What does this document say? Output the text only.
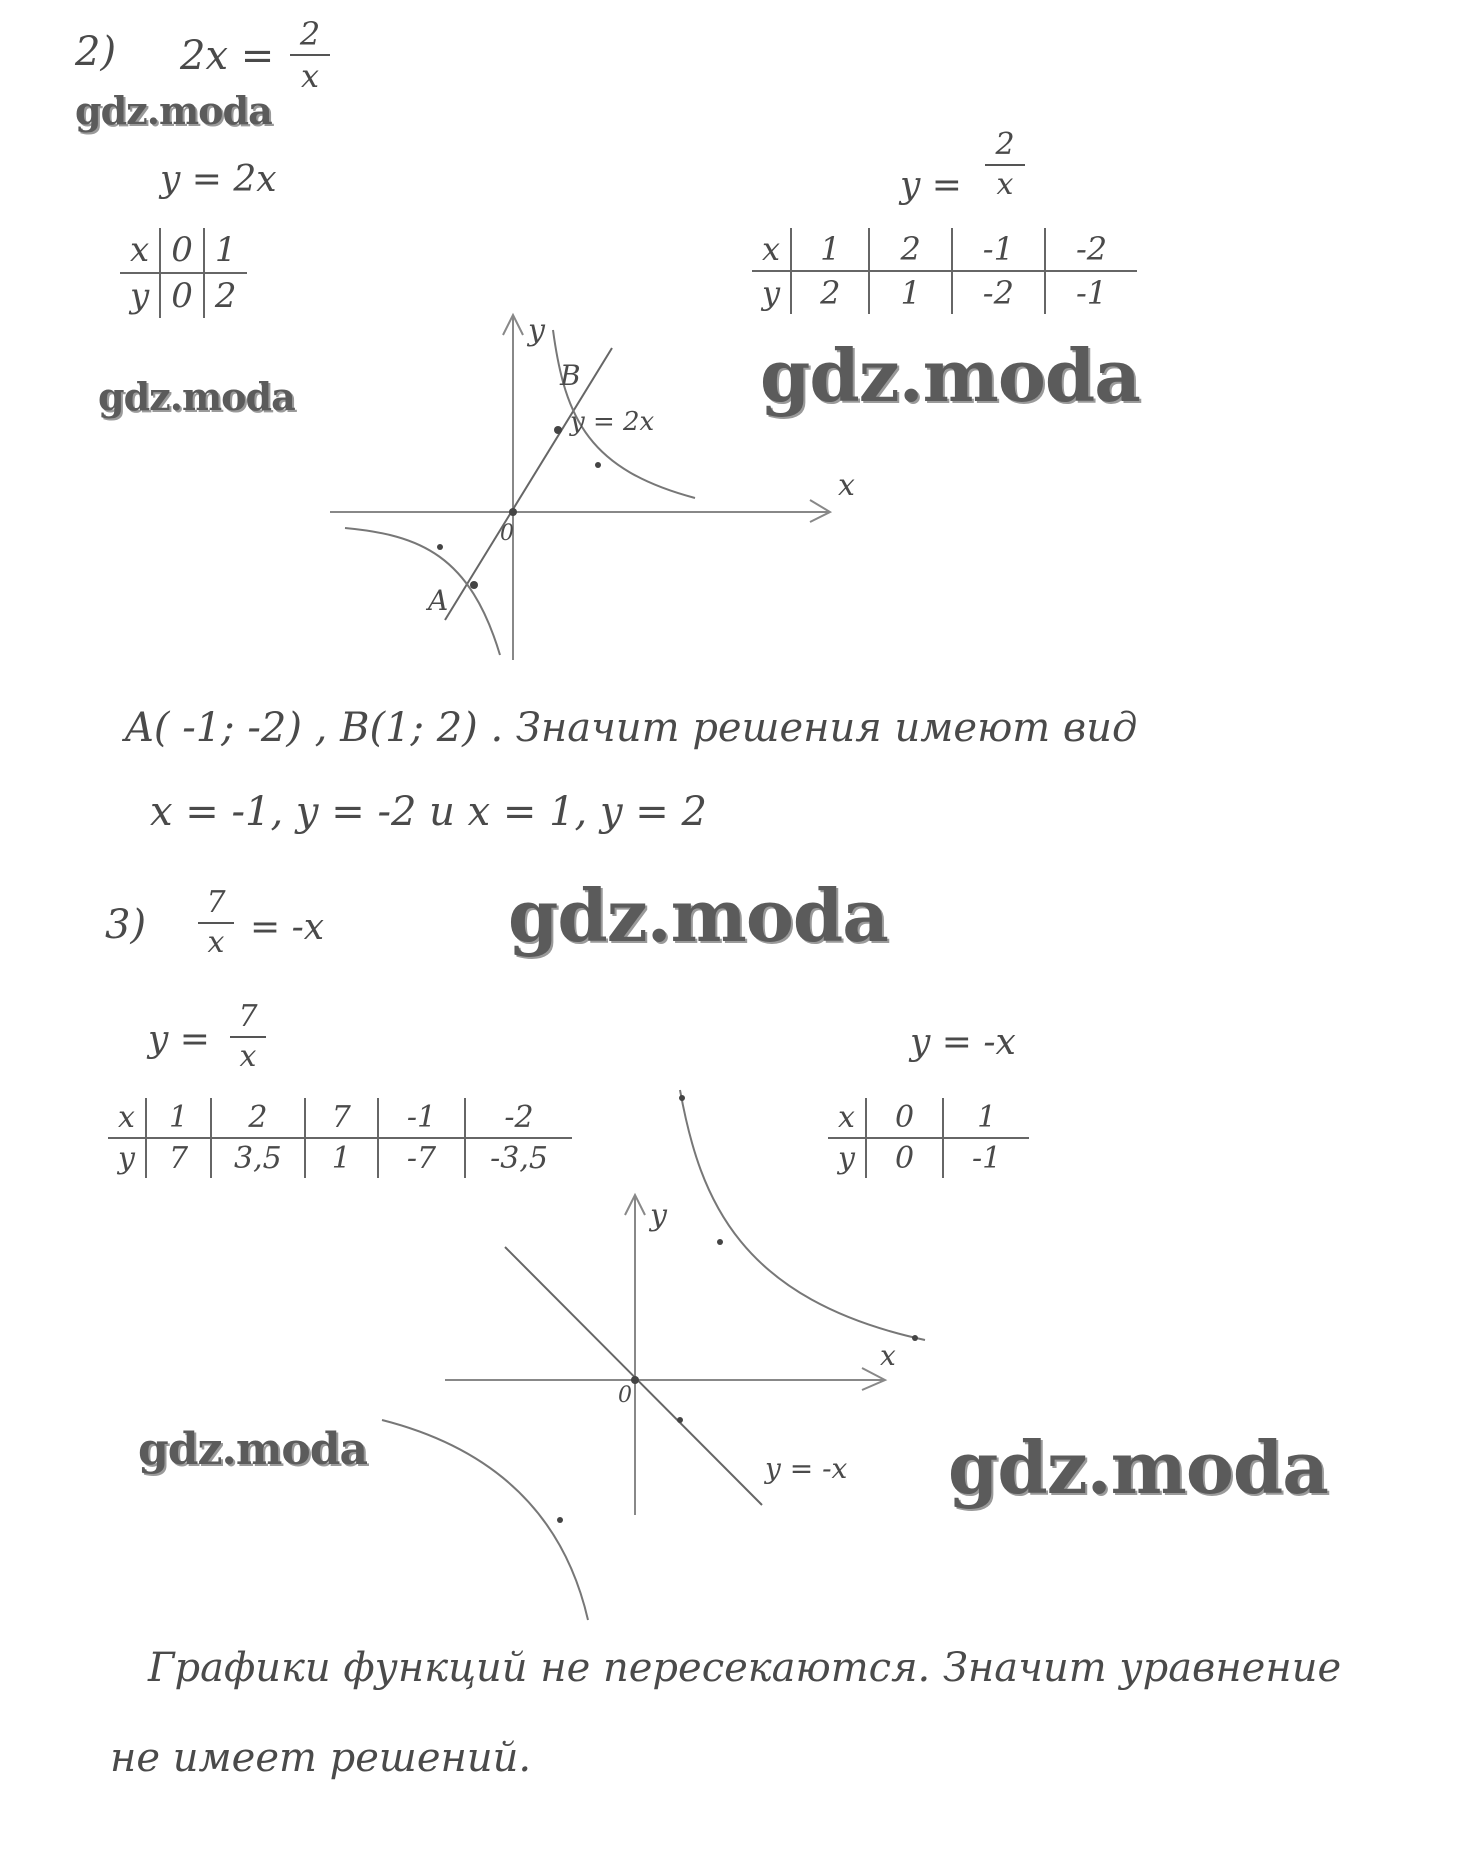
2) 2x = 2
x
gdz.moda
y = 2x
x	0	1
y	0	2
y =
2
x
x	1	2	-1	-2
y	2	1	-2	-1
gdz.moda
gdz.moda
y
x
0
A
B
y = 2x
A( -1; -2) , B(1; 2) . Значит решения имеют вид
x = -1, y = -2 и x = 1, y = 2
3) 7
x = -x	gdz.moda
y =
7
x
x	1	2	7	-1	-2
y	7	3,5	1	-7	-3,5
y = -x
x	0	1
y	0	-1
y
x
0
y = -x
gdz.moda	gdz.moda
Графики функций не пересекаются. Значит уравнение
не имеет решений.
